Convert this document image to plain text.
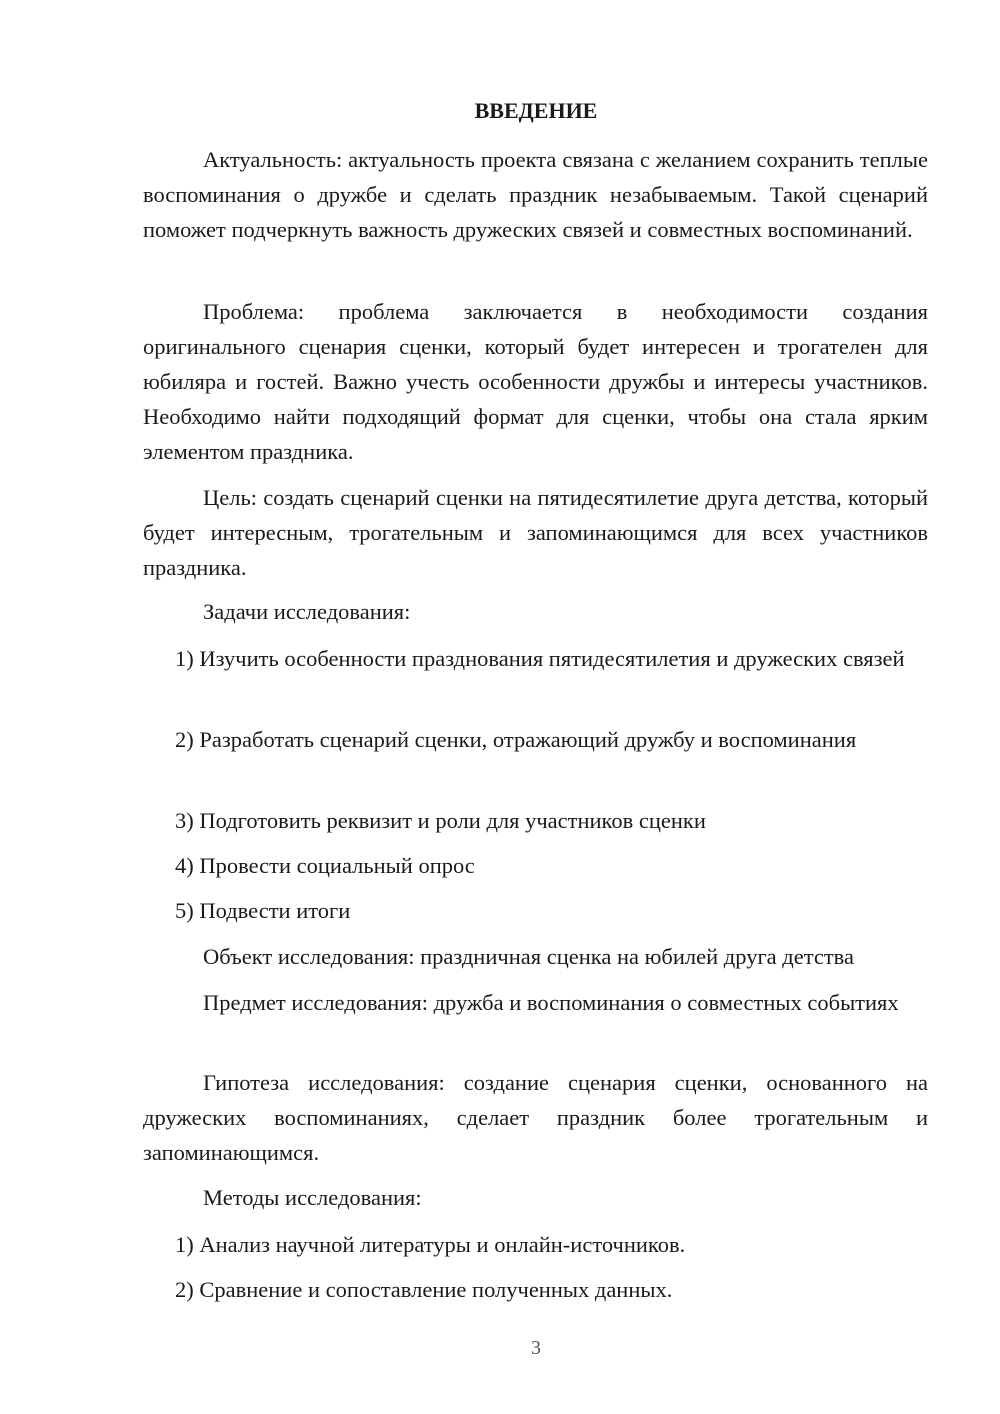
ВВЕДЕНИЕ

Актуальность: актуальность проекта связана с желанием сохранить теплые воспоминания о дружбе и сделать праздник незабываемым. Такой сценарий поможет подчеркнуть важность дружеских связей и совместных воспоминаний.

Проблема: проблема заключается в необходимости создания оригинального сценария сценки, который будет интересен и трогателен для юбиляра и гостей. Важно учесть особенности дружбы и интересы участников. Необходимо найти подходящий формат для сценки, чтобы она стала ярким элементом праздника.

Цель: создать сценарий сценки на пятидесятилетие друга детства, который будет интересным, трогательным и запоминающимся для всех участников праздника.

Задачи исследования:

1) Изучить особенности празднования пятидесятилетия и дружеских связей

2) Разработать сценарий сценки, отражающий дружбу и воспоминания

3) Подготовить реквизит и роли для участников сценки

4) Провести социальный опрос

5) Подвести итоги

Объект исследования: праздничная сценка на юбилей друга детства

Предмет исследования: дружба и воспоминания о совместных событиях

Гипотеза исследования: создание сценария сценки, основанного на дружеских воспоминаниях, сделает праздник более трогательным и запоминающимся.

Методы исследования:

1) Анализ научной литературы и онлайн-источников.

2) Сравнение и сопоставление полученных данных.

3
